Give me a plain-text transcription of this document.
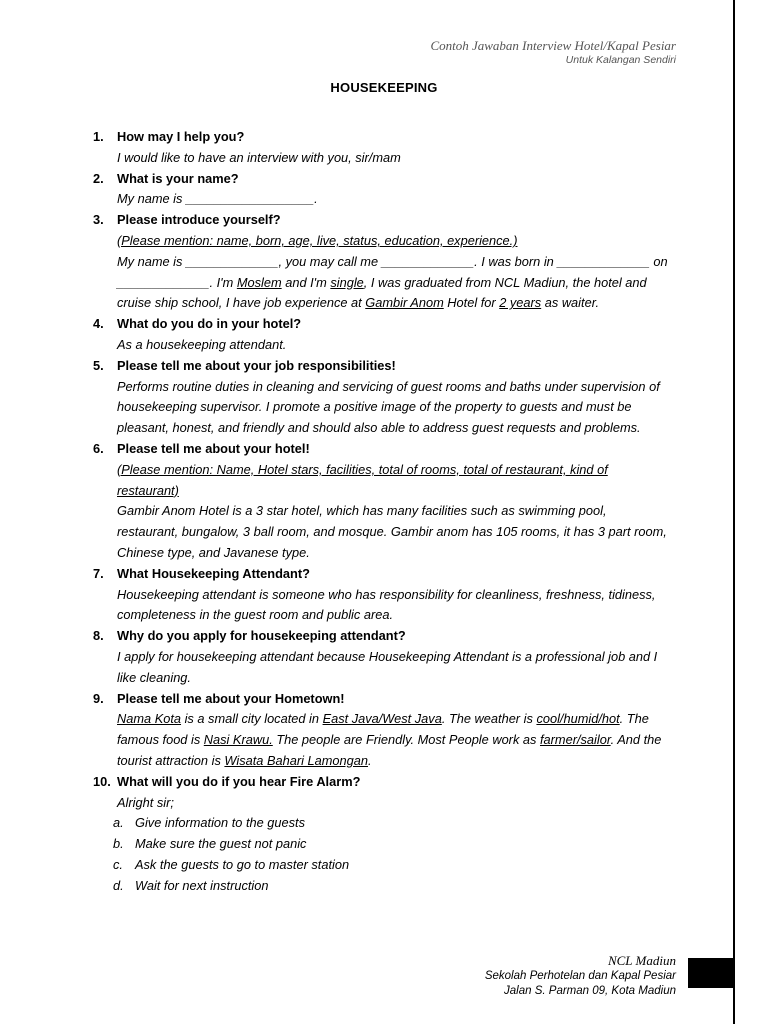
Contoh Jawaban Interview Hotel/Kapal Pesiar
Untuk Kalangan Sendiri
HOUSEKEEPING
1.	How may I help you?
I would like to have an interview with you, sir/mam
2.	What is your name?
My name is __________________.
3.	Please introduce yourself?
(Please mention: name, born, age, live, status, education, experience.)
My name is _____________, you may call me _____________. I was born in _____________ on _____________. I'm Moslem and I'm single, I was graduated from NCL Madiun, the hotel and cruise ship school, I have job experience at Gambir Anom Hotel for 2 years as waiter.
4.	What do you do in your hotel?
As a housekeeping attendant.
5.	Please tell me about your job responsibilities!
Performs routine duties in cleaning and servicing of guest rooms and baths under supervision of housekeeping supervisor. I promote a positive image of the property to guests and must be pleasant, honest, and friendly and should also able to address guest requests and problems.
6.	Please tell me about your hotel!
(Please mention: Name, Hotel stars, facilities, total of rooms, total of restaurant, kind of restaurant)
Gambir Anom Hotel is a 3 star hotel, which has many facilities such as swimming pool, restaurant, bungalow, 3 ball room, and mosque. Gambir anom has 105 rooms, it has 3 part room, Chinese type, and Javanese type.
7.	What Housekeeping Attendant?
Housekeeping attendant is someone who has responsibility for cleanliness, freshness, tidiness, completeness in the guest room and public area.
8.	Why do you apply for housekeeping attendant?
I apply for housekeeping attendant because Housekeeping Attendant is a professional job and I like cleaning.
9.	Please tell me about your Hometown!
Nama Kota is a small city located in East Java/West Java. The weather is cool/humid/hot. The famous food is Nasi Krawu. The people are Friendly. Most People work as farmer/sailor. And the tourist attraction is Wisata Bahari Lamongan.
10. What will you do if you hear Fire Alarm?
Alright sir;
a. Give information to the guests
b. Make sure the guest not panic
c. Ask the guests to go to master station
d. Wait for next instruction
NCL Madiun
Sekolah Perhotelan dan Kapal Pesiar
Jalan S. Parman 09, Kota Madiun
